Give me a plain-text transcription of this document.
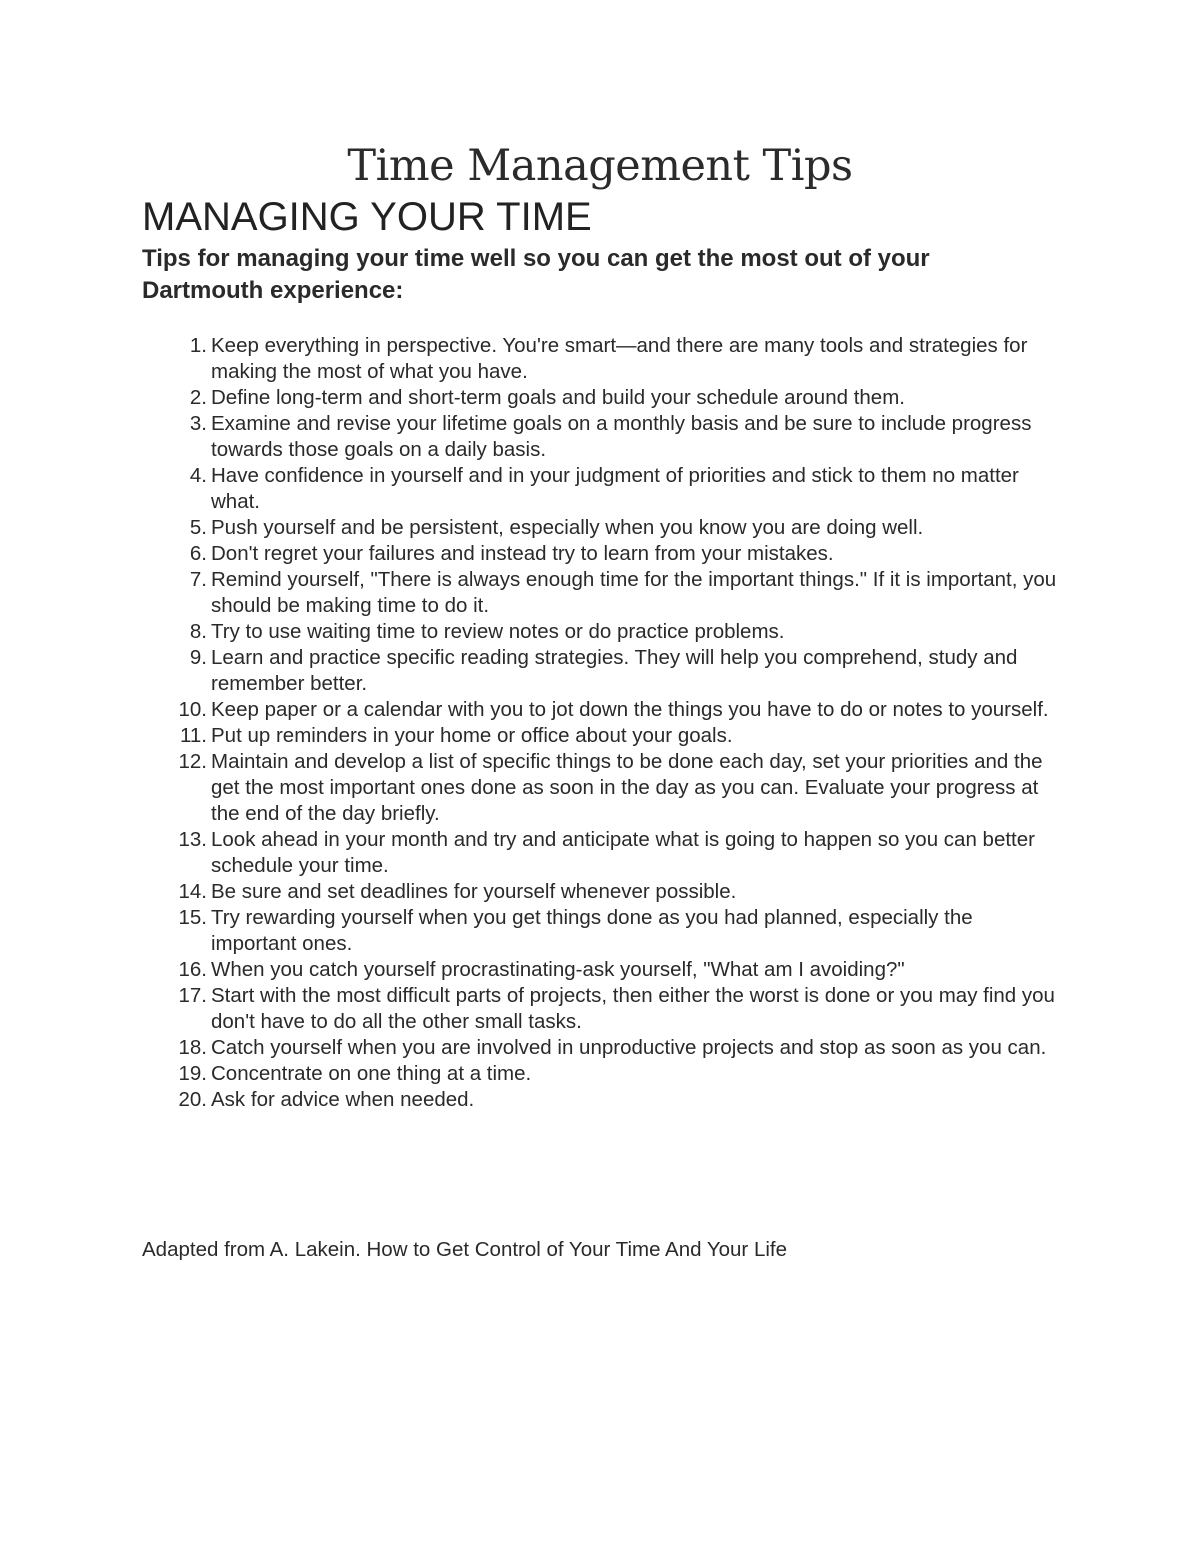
Time Management Tips
MANAGING YOUR TIME
Tips for managing your time well so you can get the most out of your Dartmouth experience:
1. Keep everything in perspective. You're smart—and there are many tools and strategies for making the most of what you have.
2. Define long-term and short-term goals and build your schedule around them.
3. Examine and revise your lifetime goals on a monthly basis and be sure to include progress towards those goals on a daily basis.
4. Have confidence in yourself and in your judgment of priorities and stick to them no matter what.
5. Push yourself and be persistent, especially when you know you are doing well.
6. Don't regret your failures and instead try to learn from your mistakes.
7. Remind yourself, "There is always enough time for the important things." If it is important, you should be making time to do it.
8. Try to use waiting time to review notes or do practice problems.
9. Learn and practice specific reading strategies. They will help you comprehend, study and remember better.
10. Keep paper or a calendar with you to jot down the things you have to do or notes to yourself.
11. Put up reminders in your home or office about your goals.
12. Maintain and develop a list of specific things to be done each day, set your priorities and the get the most important ones done as soon in the day as you can. Evaluate your progress at the end of the day briefly.
13. Look ahead in your month and try and anticipate what is going to happen so you can better schedule your time.
14. Be sure and set deadlines for yourself whenever possible.
15. Try rewarding yourself when you get things done as you had planned, especially the important ones.
16. When you catch yourself procrastinating-ask yourself, "What am I avoiding?"
17. Start with the most difficult parts of projects, then either the worst is done or you may find you don't have to do all the other small tasks.
18. Catch yourself when you are involved in unproductive projects and stop as soon as you can.
19. Concentrate on one thing at a time.
20. Ask for advice when needed.
Adapted from A. Lakein. How to Get Control of Your Time And Your Life
